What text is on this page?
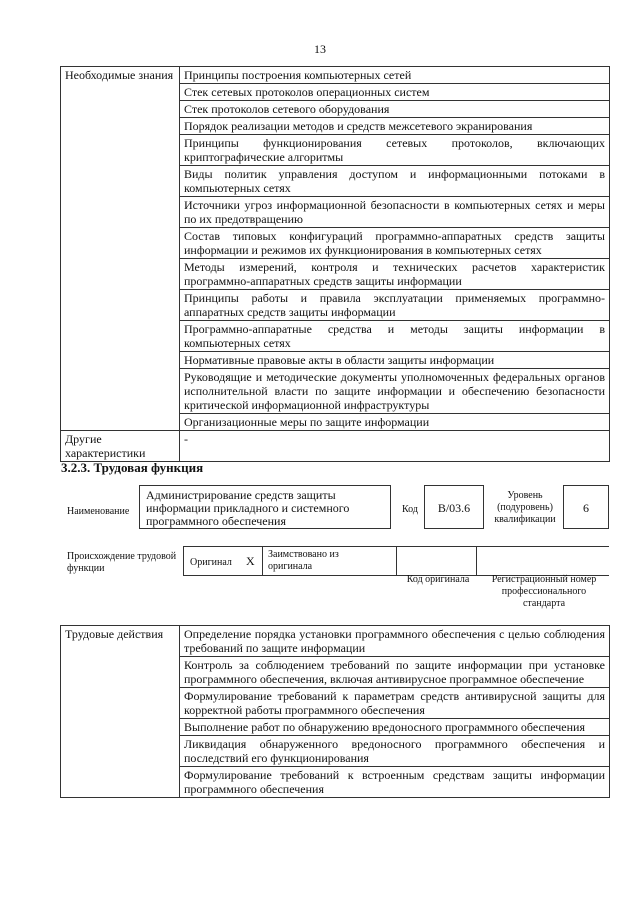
13
Необходимые знания	Принципы построения компьютерных сетей
	Стек сетевых протоколов операционных систем
	Стек протоколов сетевого оборудования
	Порядок реализации методов и средств межсетевого экранирования
	Принципы функционирования сетевых протоколов, включающих криптографические алгоритмы
	Виды политик управления доступом и информационными потоками в компьютерных сетях
	Источники угроз информационной безопасности в компьютерных сетях и меры по их предотвращению
	Состав типовых конфигураций программно-аппаратных средств защиты информации и режимов их функционирования в компьютерных сетях
	Методы измерений, контроля и технических расчетов характеристик программно-аппаратных средств защиты информации
	Принципы работы и правила эксплуатации применяемых программно-аппаратных средств защиты информации
	Программно-аппаратные средства и методы защиты информации в компьютерных сетях
	Нормативные правовые акты в области защиты информации
	Руководящие и методические документы уполномоченных федеральных органов исполнительной власти по защите информации и обеспечению безопасности критической информационной инфраструктуры
	Организационные меры по защите информации
Другие характеристики	-
3.2.3. Трудовая функция
Наименование
Администрирование средств защиты информации прикладного и системного программного обеспечения
Код	B/03.6
Уровень (подуровень) квалификации
6
Происхождение трудовой функции
Оригинал X Заимствовано из оригинала
Код оригинала	Регистрационный номер профессионального стандарта
Трудовые действия	Определение порядка установки программного обеспечения с целью соблюдения требований по защите информации
Контроль за соблюдением требований по защите информации при установке программного обеспечения, включая антивирусное программное обеспечение
Формулирование требований к параметрам средств антивирусной защиты для корректной работы программного обеспечения
Выполнение работ по обнаружению вредоносного программного обеспечения
Ликвидация обнаруженного вредоносного программного обеспечения и последствий его функционирования
Формулирование требований к встроенным средствам защиты информации программного обеспечения
